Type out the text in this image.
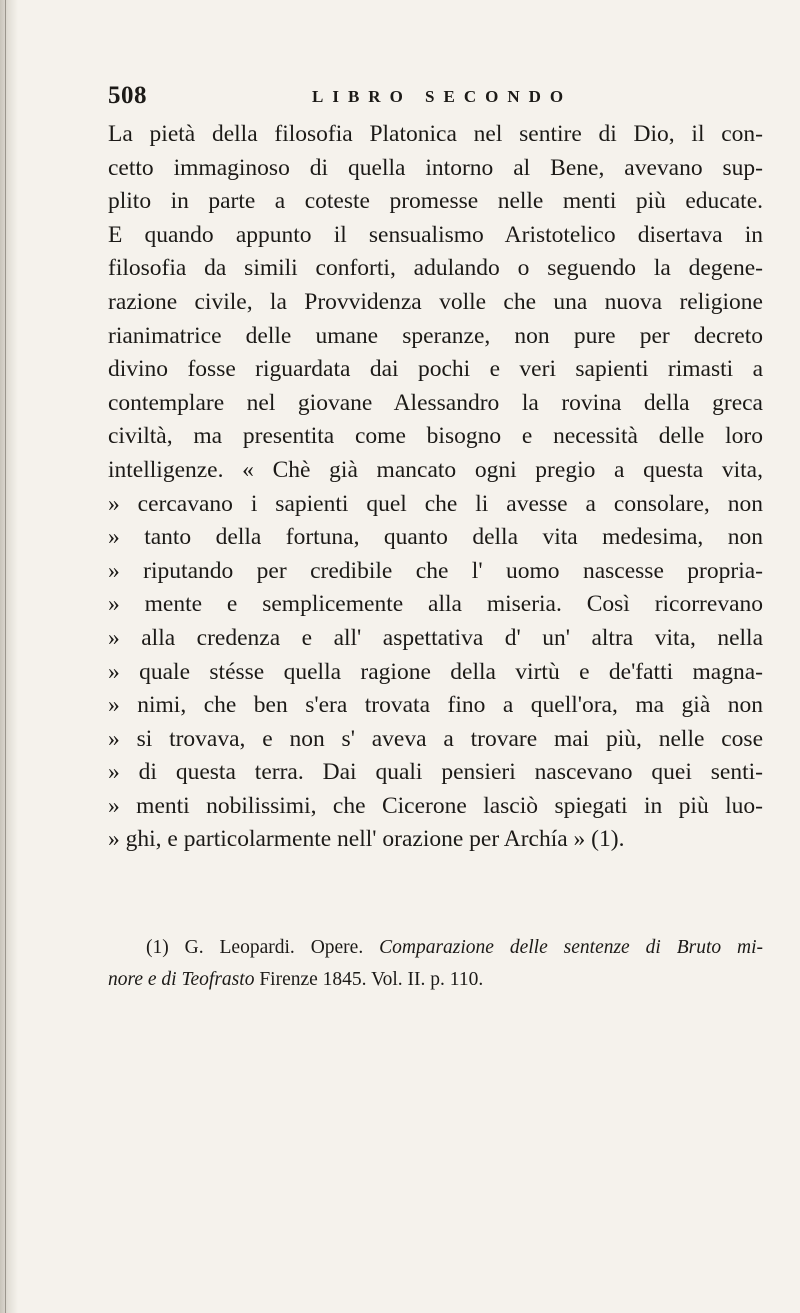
508	LIBRO SECONDO
La pietà della filosofia Platonica nel sentire di Dio, il con-
cetto immaginoso di quella intorno al Bene, avevano sup-
plito in parte a coteste promesse nelle menti più educate.
E quando appunto il sensualismo Aristotelico disertava in
filosofia da simili conforti, adulando o seguendo la degene-
razione civile, la Provvidenza volle che una nuova religione
rianimatrice delle umane speranze, non pure per decreto
divino fosse riguardata dai pochi e veri sapienti rimasti a
contemplare nel giovane Alessandro la rovina della greca
civiltà, ma presentita come bisogno e necessità delle loro
intelligenze. « Chè già mancato ogni pregio a questa vita,
» cercavano i sapienti quel che li avesse a consolare, non
» tanto della fortuna, quanto della vita medesima, non
» riputando per credibile che l' uomo nascesse propria-
» mente e semplicemente alla miseria. Così ricorrevano
» alla credenza e all' aspettativa d' un' altra vita, nella
» quale stésse quella ragione della virtù e de'fatti magna-
» nimi, che ben s'era trovata fino a quell'ora, ma già non
» si trovava, e non s' aveva a trovare mai più, nelle cose
» di questa terra. Dai quali pensieri nascevano quei senti-
» menti nobilissimi, che Cicerone lasciò spiegati in più luo-
» ghi, e particolarmente nell' orazione per Archía » (1).
(1) G. Leopardi. Opere. Comparazione delle sentenze di Bruto mi-
nore e di Teofrasto Firenze 1845. Vol. II. p. 110.
